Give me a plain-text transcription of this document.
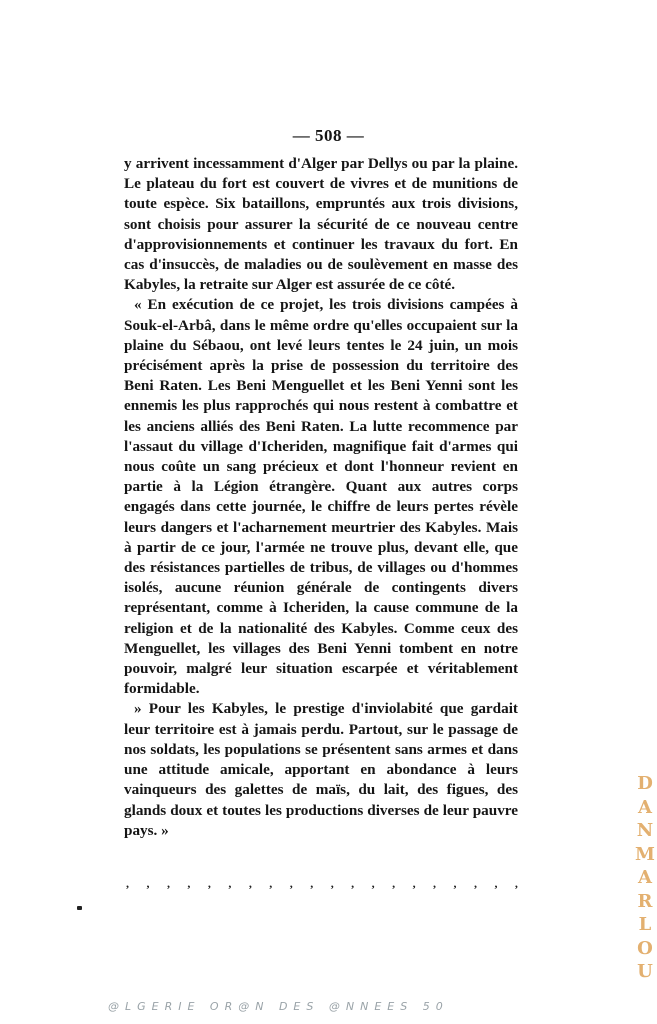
— 508 —

y arrivent incessamment d'Alger par Dellys ou par la plaine. Le plateau du fort est couvert de vivres et de munitions de toute espèce. Six bataillons, empruntés aux trois divisions, sont choisis pour assurer la sécurité de ce nouveau centre d'approvisionnements et continuer les travaux du fort. En cas d'insuccès, de maladies ou de soulèvement en masse des Kabyles, la retraite sur Alger est assurée de ce côté.

« En exécution de ce projet, les trois divisions campées à Souk-el-Arbâ, dans le même ordre qu'elles occupaient sur la plaine du Sébaou, ont levé leurs tentes le 24 juin, un mois précisément après la prise de possession du territoire des Beni Raten. Les Beni Menguellet et les Beni Yenni sont les ennemis les plus rapprochés qui nous restent à combattre et les anciens alliés des Beni Raten. La lutte recommence par l'assaut du village d'Icheriden, magnifique fait d'armes qui nous coûte un sang précieux et dont l'honneur revient en partie à la Légion étrangère. Quant aux autres corps engagés dans cette journée, le chiffre de leurs pertes révèle leurs dangers et l'acharnement meurtrier des Kabyles. Mais à partir de ce jour, l'armée ne trouve plus, devant elle, que des résistances partielles de tribus, de villages ou d'hommes isolés, aucune réunion générale de contingents divers représentant, comme à Icheriden, la cause commune de la religion et de la nationalité des Kabyles. Comme ceux des Menguellet, les villages des Beni Yenni tombent en notre pouvoir, malgré leur situation escarpée et véritablement formidable.

» Pour les Kabyles, le prestige d'inviolabité que gardait leur territoire est à jamais perdu. Partout, sur le passage de nos soldats, les populations se présentent sans armes et dans une attitude amicale, apportant en abondance à leurs vainqueurs des galettes de maïs, du lait, des figues, des glands doux et toutes les productions diverses de leur pauvre pays. »

, , , , , , , , , , , , , , , , , , , ,
DANMARLOU
@LGERIE OR@N DES @NNEES 50
